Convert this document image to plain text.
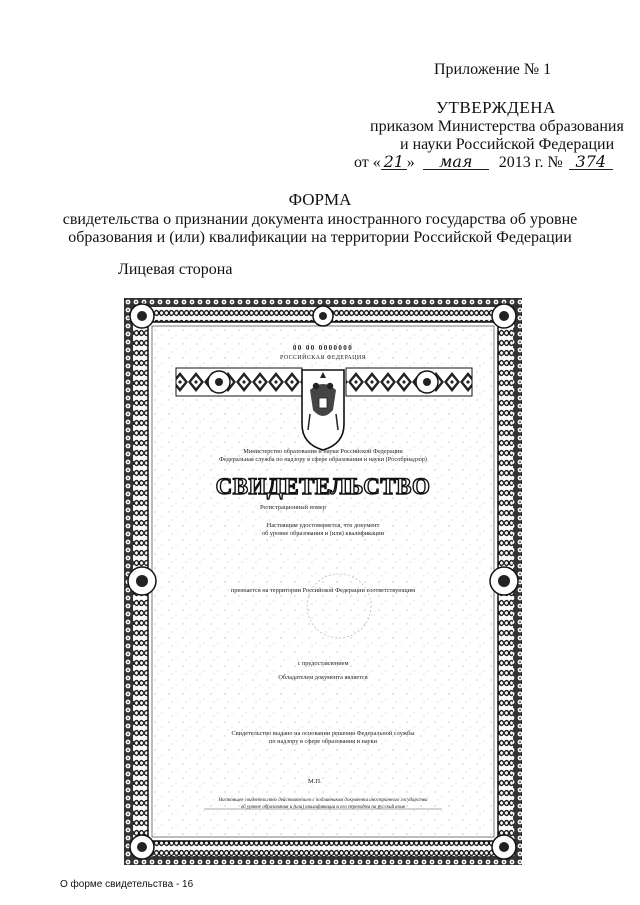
Приложение № 1
УТВЕРЖДЕНА
приказом Министерства образования
и науки Российской Федерации
от « 21 » мая 2013 г. № 374
ФОРМА
свидетельства о признании документа иностранного государства об уровне
образования и (или) квалификации на территории Российской Федерации
Лицевая сторона
СВИДЕТЕЛЬСТВО
00 00 0000000
РОССИЙСКАЯ ФЕДЕРАЦИЯ
Министерство образования и науки Российской Федерации
Федеральная служба по надзору в сфере образования и науки (Рособрнадзор)
Регистрационный номер
Настоящим удостоверяется, что документ
об уровне образования и (или) квалификации
признается на территории Российской Федерации соответствующим
с предоставлением
Обладателем документа является
Свидетельство выдано на основании решения Федеральной службы
по надзору в сфере образования и науки
М.П.
Настоящее свидетельство действительно с подлинником документа иностранного государства
об уровне образования и (или) квалификации и его переводом на русский язык
О форме свидетельства - 16
